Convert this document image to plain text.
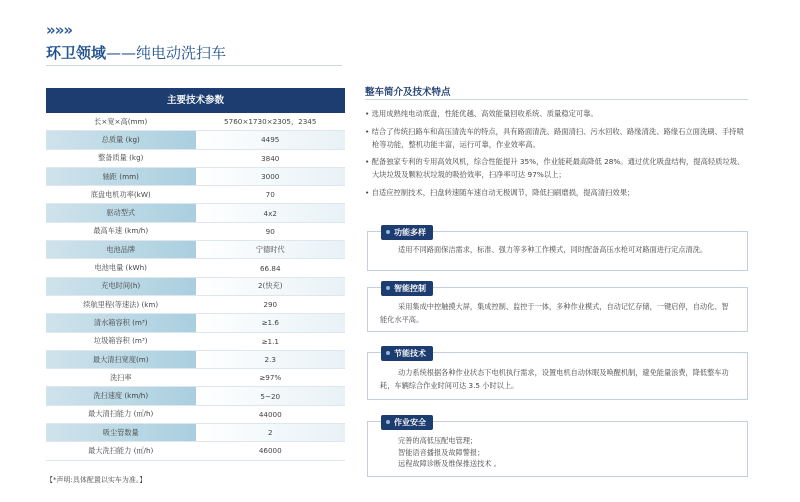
»»»
环卫领域——纯电动洗扫车
主要技术参数
长×宽×高(mm)	5760×1730×2305，2345
总质量 (kg)	4495
整备质量 (kg)	3840
轴距 (mm)	3000
底盘电机功率(kW)	70
驱动型式	4x2
最高车速 (km/h)	90
电池品牌	宁德时代
电池电量 (kWh)	66.84
充电时间(h)	2(快充)
续航里程(等速法) (km)	290
清水箱容积 (m³)	≥1.6
垃圾箱容积 (m³)	≥1.1
最大清扫宽度(m)	2.3
洗扫率	≥97%
洗扫速度 (km/h)	5~20
最大清扫能力 (㎡/h)	44000
吸尘管数量	2
最大洗扫能力 (㎡/h)	46000
【*声明:具体配置以实车为准。】
整车简介及技术特点

• 选用成熟纯电动底盘，性能优越、高效能量回收系统、质量稳定可靠。

• 结合了传统扫路车和高压清洗车的特点，具有路面清洗、路面清扫、污水回收、路缘清洗、路缘石立面洗刷、手持喷枪等功能，整机功能丰富，运行可靠，作业效率高。

• 配备独家专利的专用高效风机，综合性能提升 35%，作业能耗最高降低 28%。通过优化吸盘结构，提高轻质垃圾、大块垃圾及颗粒状垃圾的吸拾效率，扫净率可达 97%以上；

• 自适应控制技术，扫盘转速随车速自动无极调节，降低扫刷磨损，提高清扫效果；

功能多样
适用不同路面保洁需求，标准、强力等多种工作模式，同时配备高压水枪可对路面进行定点清洗。
智能控制
采用集成中控触摸大屏，集成控制、监控于一体，多种作业模式，自动记忆存储，一键启停，自动化、智能化水平高。
节能技术
动力系统根据各种作业状态下电机执行需求，设置电机自动休眠及唤醒机制，避免能量浪费，降低整车功耗，车辆综合作业时间可达 3.5 小时以上。
作业安全
完善的高低压配电管理；
智能语音播报及故障警报；
远程故障诊断及维保推送技术 。
